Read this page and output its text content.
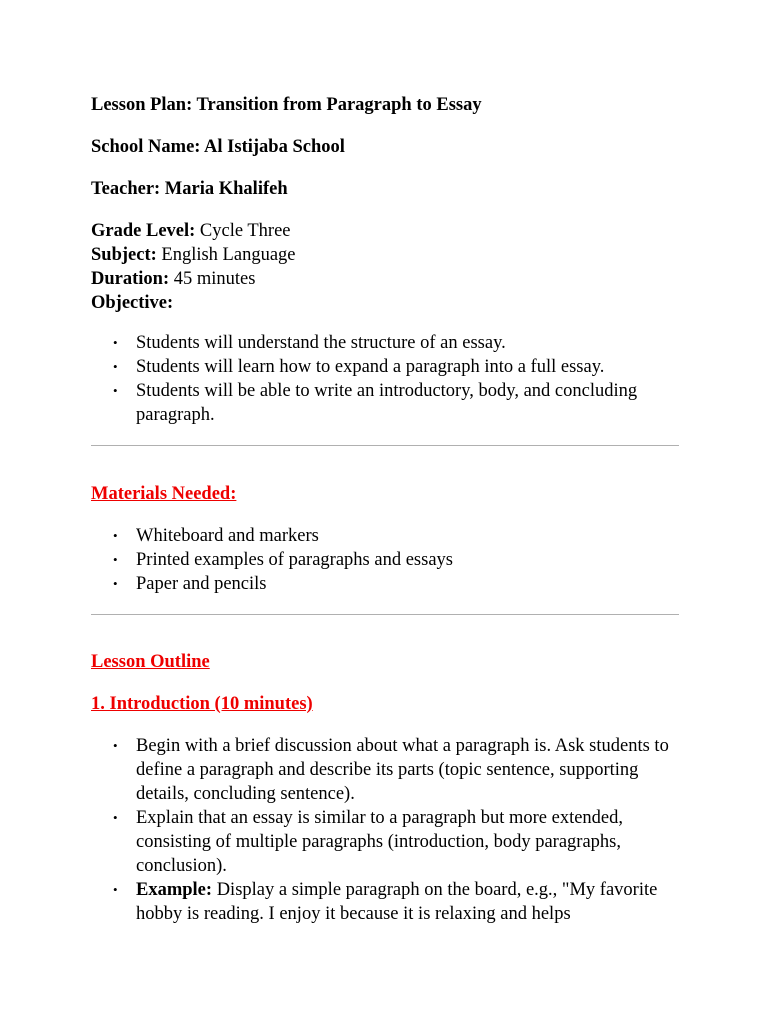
Lesson Plan: Transition from Paragraph to Essay
School Name: Al Istijaba School
Teacher: Maria Khalifeh
Grade Level: Cycle Three
Subject: English Language
Duration: 45 minutes
Objective:
• Students will understand the structure of an essay.
• Students will learn how to expand a paragraph into a full essay.
• Students will be able to write an introductory, body, and concluding paragraph.
Materials Needed:
• Whiteboard and markers
• Printed examples of paragraphs and essays
• Paper and pencils
Lesson Outline
1. Introduction (10 minutes)
• Begin with a brief discussion about what a paragraph is. Ask students to define a paragraph and describe its parts (topic sentence, supporting details, concluding sentence).
• Explain that an essay is similar to a paragraph but more extended, consisting of multiple paragraphs (introduction, body paragraphs, conclusion).
• Example: Display a simple paragraph on the board, e.g., "My favorite hobby is reading. I enjoy it because it is relaxing and helps
